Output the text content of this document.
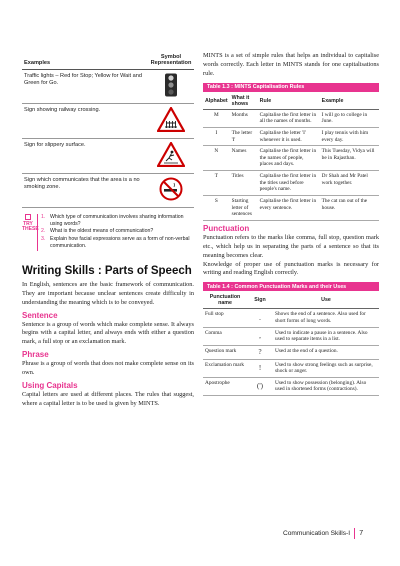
Examples	Symbol Representation
Traffic lights – Red for Stop; Yellow for Wait and Green for Go.	
Sign showing railway crossing.	
Sign for slippery surface.	
Sign which communicates that the area is a no smoking zone.	
TRY THESE
1. Which type of communication involves sharing information using words?
2. What is the oldest means of communication?
3. Explain how facial expressions serve as a form of non-verbal communication.
Writing Skills : Parts of Speech

In English, sentences are the basic framework of communication. They are important because unclear sentences create difficulty in understanding the meaning which is to be conveyed.

Sentence

Sentence is a group of words which make complete sense. It always begins with a capital letter, and always ends with either a question mark, a full stop or an exclamation mark.

Phrase

Phrase is a group of words that does not make complete sense on its own.

Using Capitals

Capital letters are used at different places. The rules that suggest, where a capital letter is to be used is given by MINTS.

MINTS is a set of simple rules that helps an individual to capitalise words correctly. Each letter in MINTS stands for one capitalisations rule.

Table 1.3 : MINTS Capitalisation Rules
Alphabet	What it shows	Rule	Example
M	Months	Capitalise the first letter in all the names of months.	I will go to college in June.
I	The letter 'I'	Capitalise the letter 'I' whenever it is used.	I play tennis with him every day.
N	Names	Capitalise the first letter in the names of people, places and days.	This Tuesday, Vidya will be in Rajasthan.
T	Titles	Capitalise the first letter in the titles used before people's name.	Dr Shah and Mr Patel work together.
S	Starting letter of sentences	Capitalise the first letter in every sentence.	The cat ran out of the house.
Punctuation

Punctuation refers to the marks like comma, full stop, question mark etc., which help us in separating the parts of a sentence so that its meaning becomes clear.

Knowledge of proper use of punctuation marks is necessary for writing and reading English correctly.

Table 1.4 : Common Punctuation Marks and their Uses
Punctuation name	Sign	Use
Full stop	.	Shows the end of a sentence. Also used for short forms of long words.
Comma	,	Used to indicate a pause in a sentence. Also used to separate items in a list.
Question mark	?	Used at the end of a question.
Exclamation mark	!	Used to show strong feelings such as surprise, shock or anger.
Apostrophe	(')	Used to show possession (belonging). Also used in shortened forms (contractions).
Communication Skills-I 7
